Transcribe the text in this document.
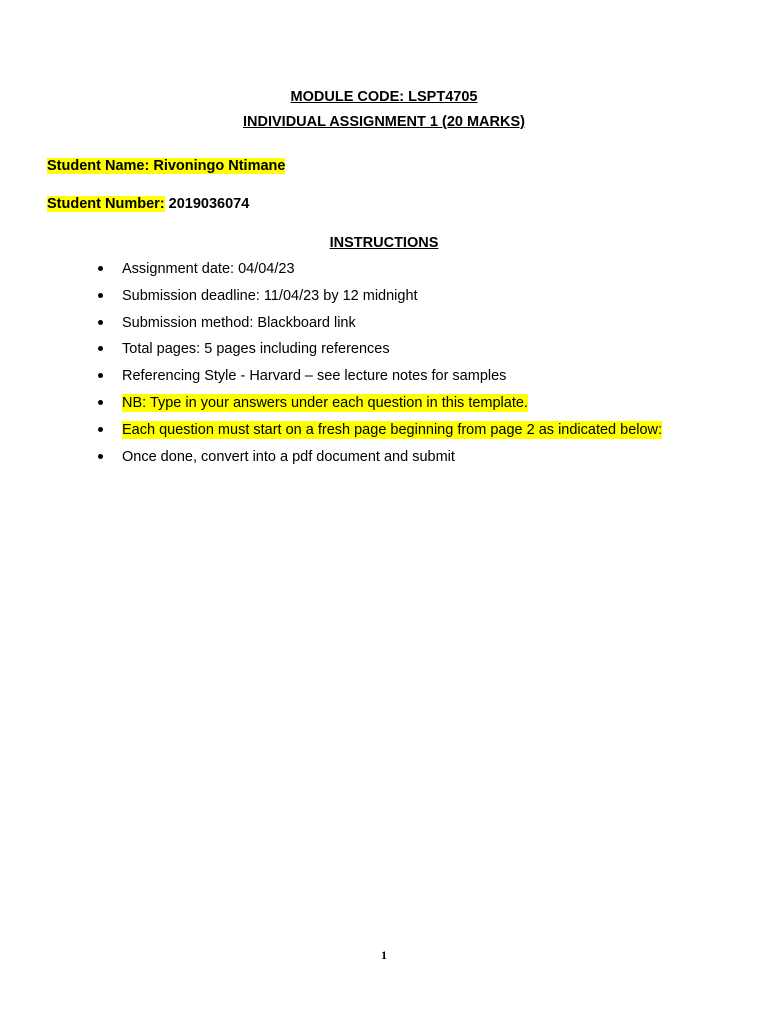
MODULE CODE: LSPT4705
INDIVIDUAL ASSIGNMENT 1 (20 MARKS)
Student Name: Rivoningo Ntimane
Student Number: 2019036074
INSTRUCTIONS
Assignment date: 04/04/23
Submission deadline: 11/04/23 by 12 midnight
Submission method: Blackboard link
Total pages: 5 pages including references
Referencing Style - Harvard – see lecture notes for samples
NB: Type in your answers under each question in this template.
Each question must start on a fresh page beginning from page 2 as indicated below:
Once done, convert into a pdf document and submit
1
